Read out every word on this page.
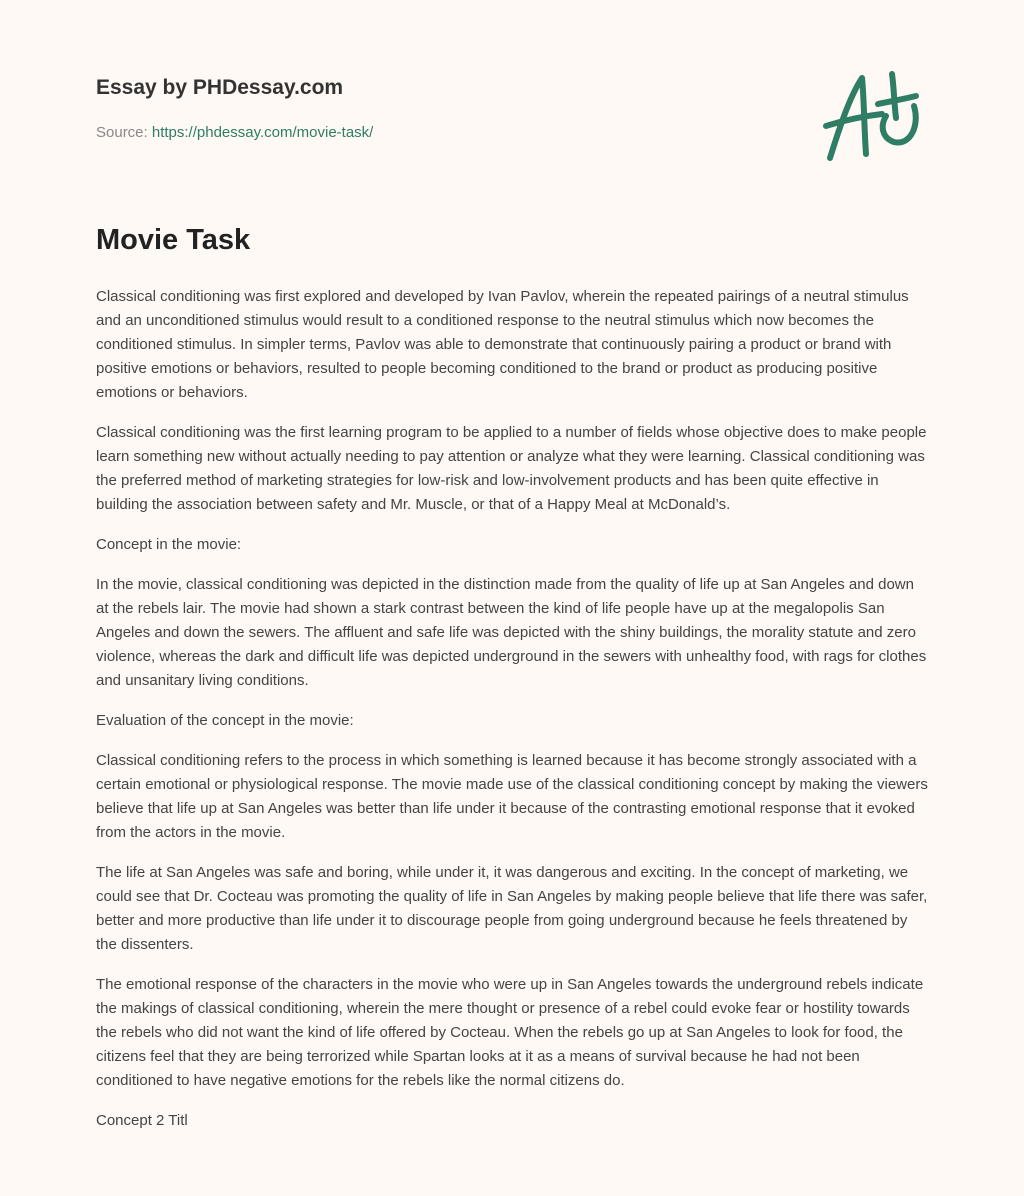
Essay by PHDessay.com
Source: https://phdessay.com/movie-task/
Movie Task

Classical conditioning was first explored and developed by Ivan Pavlov, wherein the repeated pairings of a neutral stimulus and an unconditioned stimulus would result to a conditioned response to the neutral stimulus which now becomes the conditioned stimulus. In simpler terms, Pavlov was able to demonstrate that continuously pairing a product or brand with positive emotions or behaviors, resulted to people becoming conditioned to the brand or product as producing positive emotions or behaviors.

Classical conditioning was the first learning program to be applied to a number of fields whose objective does to make people learn something new without actually needing to pay attention or analyze what they were learning. Classical conditioning was the preferred method of marketing strategies for low-risk and low-involvement products and has been quite effective in building the association between safety and Mr. Muscle, or that of a Happy Meal at McDonald’s.

Concept in the movie:

In the movie, classical conditioning was depicted in the distinction made from the quality of life up at San Angeles and down at the rebels lair. The movie had shown a stark contrast between the kind of life people have up at the megalopolis San Angeles and down the sewers. The affluent and safe life was depicted with the shiny buildings, the morality statute and zero violence, whereas the dark and difficult life was depicted underground in the sewers with unhealthy food, with rags for clothes and unsanitary living conditions.

Evaluation of the concept in the movie:

Classical conditioning refers to the process in which something is learned because it has become strongly associated with a certain emotional or physiological response. The movie made use of the classical conditioning concept by making the viewers believe that life up at San Angeles was better than life under it because of the contrasting emotional response that it evoked from the actors in the movie.

The life at San Angeles was safe and boring, while under it, it was dangerous and exciting. In the concept of marketing, we could see that Dr. Cocteau was promoting the quality of life in San Angeles by making people believe that life there was safer, better and more productive than life under it to discourage people from going underground because he feels threatened by the dissenters.

The emotional response of the characters in the movie who were up in San Angeles towards the underground rebels indicate the makings of classical conditioning, wherein the mere thought or presence of a rebel could evoke fear or hostility towards the rebels who did not want the kind of life offered by Cocteau. When the rebels go up at San Angeles to look for food, the citizens feel that they are being terrorized while Spartan looks at it as a means of survival because he had not been conditioned to have negative emotions for the rebels like the normal citizens do.

Concept 2 Titl
